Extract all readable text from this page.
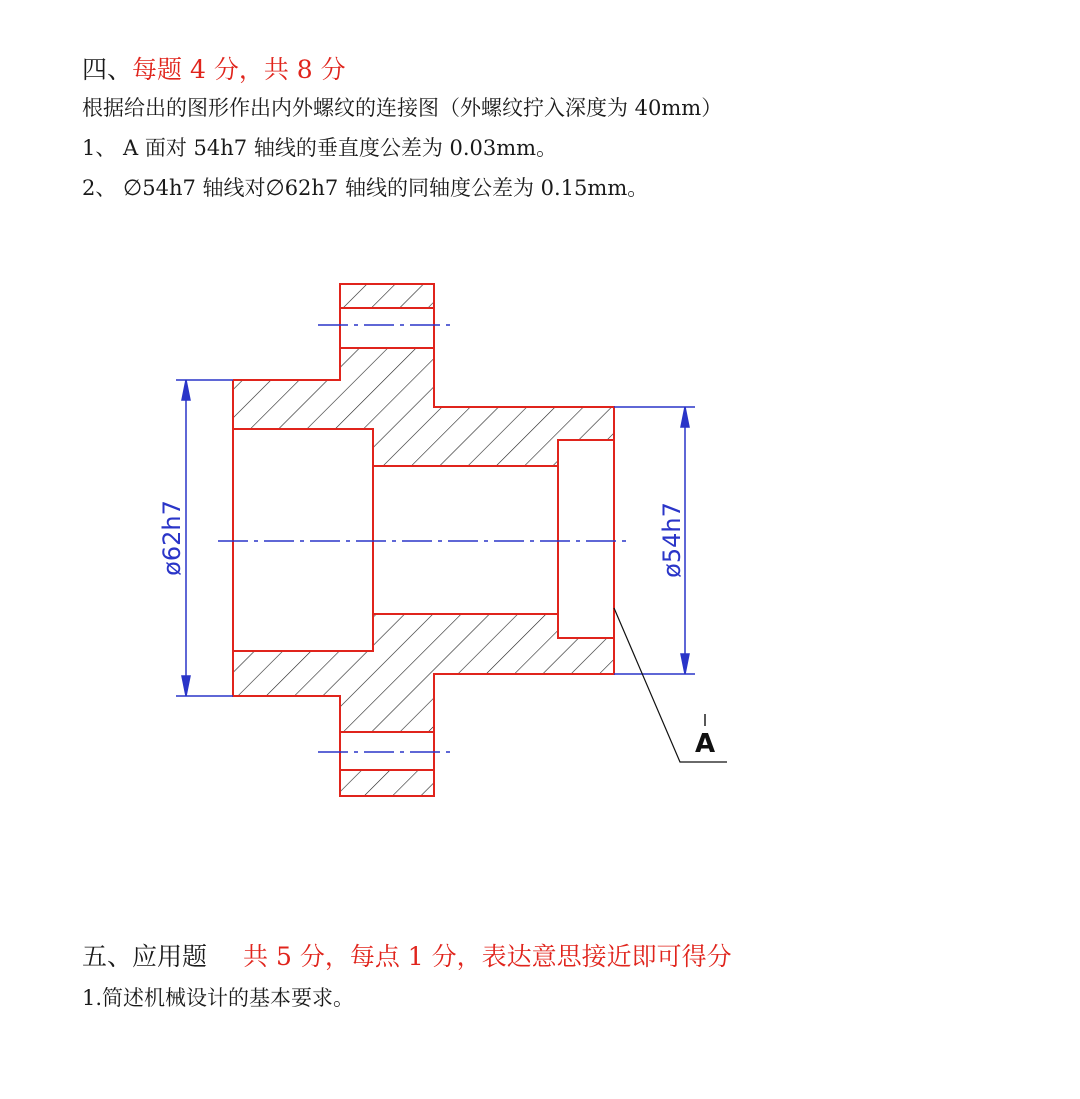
四、每题 4 分，共 8 分
根据给出的图形作出内外螺纹的连接图（外螺纹拧入深度为 40mm）
1、 A 面对 54h7 轴线的垂直度公差为 0.03mm。
2、 ∅54h7 轴线对∅62h7 轴线的同轴度公差为 0.15mm。
ø62h7	ø54h7
A
五、应用题 共 5 分，每点 1 分，表达意思接近即可得分
1.简述机械设计的基本要求。
